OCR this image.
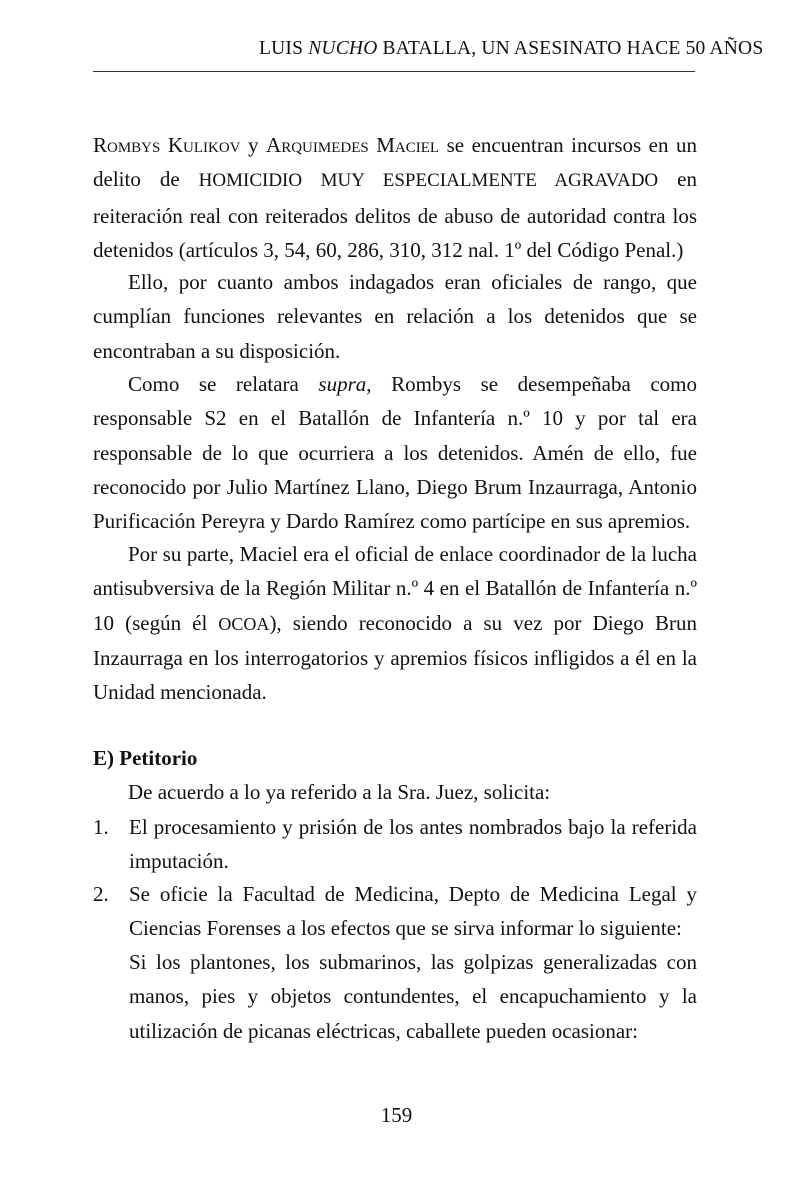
LUIS NUCHO BATALLA, UN ASESINATO HACE 50 AÑOS

Rombys Kulikov y Arquimedes Maciel se encuentran incursos en un delito de HOMICIDIO MUY ESPECIALMENTE AGRAVADO en reiteración real con reiterados delitos de abuso de autoridad contra los detenidos (artículos 3, 54, 60, 286, 310, 312 nal. 1º del Código Penal.)

Ello, por cuanto ambos indagados eran oficiales de rango, que cumplían funciones relevantes en relación a los detenidos que se encontraban a su disposición.

Como se relatara supra, Rombys se desempeñaba como responsable S2 en el Batallón de Infantería n.º 10 y por tal era responsable de lo que ocurriera a los detenidos. Amén de ello, fue reconocido por Julio Martínez Llano, Diego Brum Inzaurraga, Antonio Purificación Pereyra y Dardo Ramírez como partícipe en sus apremios.

Por su parte, Maciel era el oficial de enlace coordinador de la lucha antisubversiva de la Región Militar n.º 4 en el Batallón de Infantería n.º 10 (según él OCOA), siendo reconocido a su vez por Diego Brun Inzaurraga en los interrogatorios y apremios físicos infligidos a él en la Unidad mencionada.

E) Petitorio

De acuerdo a lo ya referido a la Sra. Juez, solicita:

1. El procesamiento y prisión de los antes nombrados bajo la referida imputación.
2. Se oficie la Facultad de Medicina, Depto de Medicina Legal y Ciencias Forenses a los efectos que se sirva informar lo siguiente:
Si los plantones, los submarinos, las golpizas generalizadas con manos, pies y objetos contundentes, el encapuchamiento y la utilización de picanas eléctricas, caballete pueden ocasionar:
159
